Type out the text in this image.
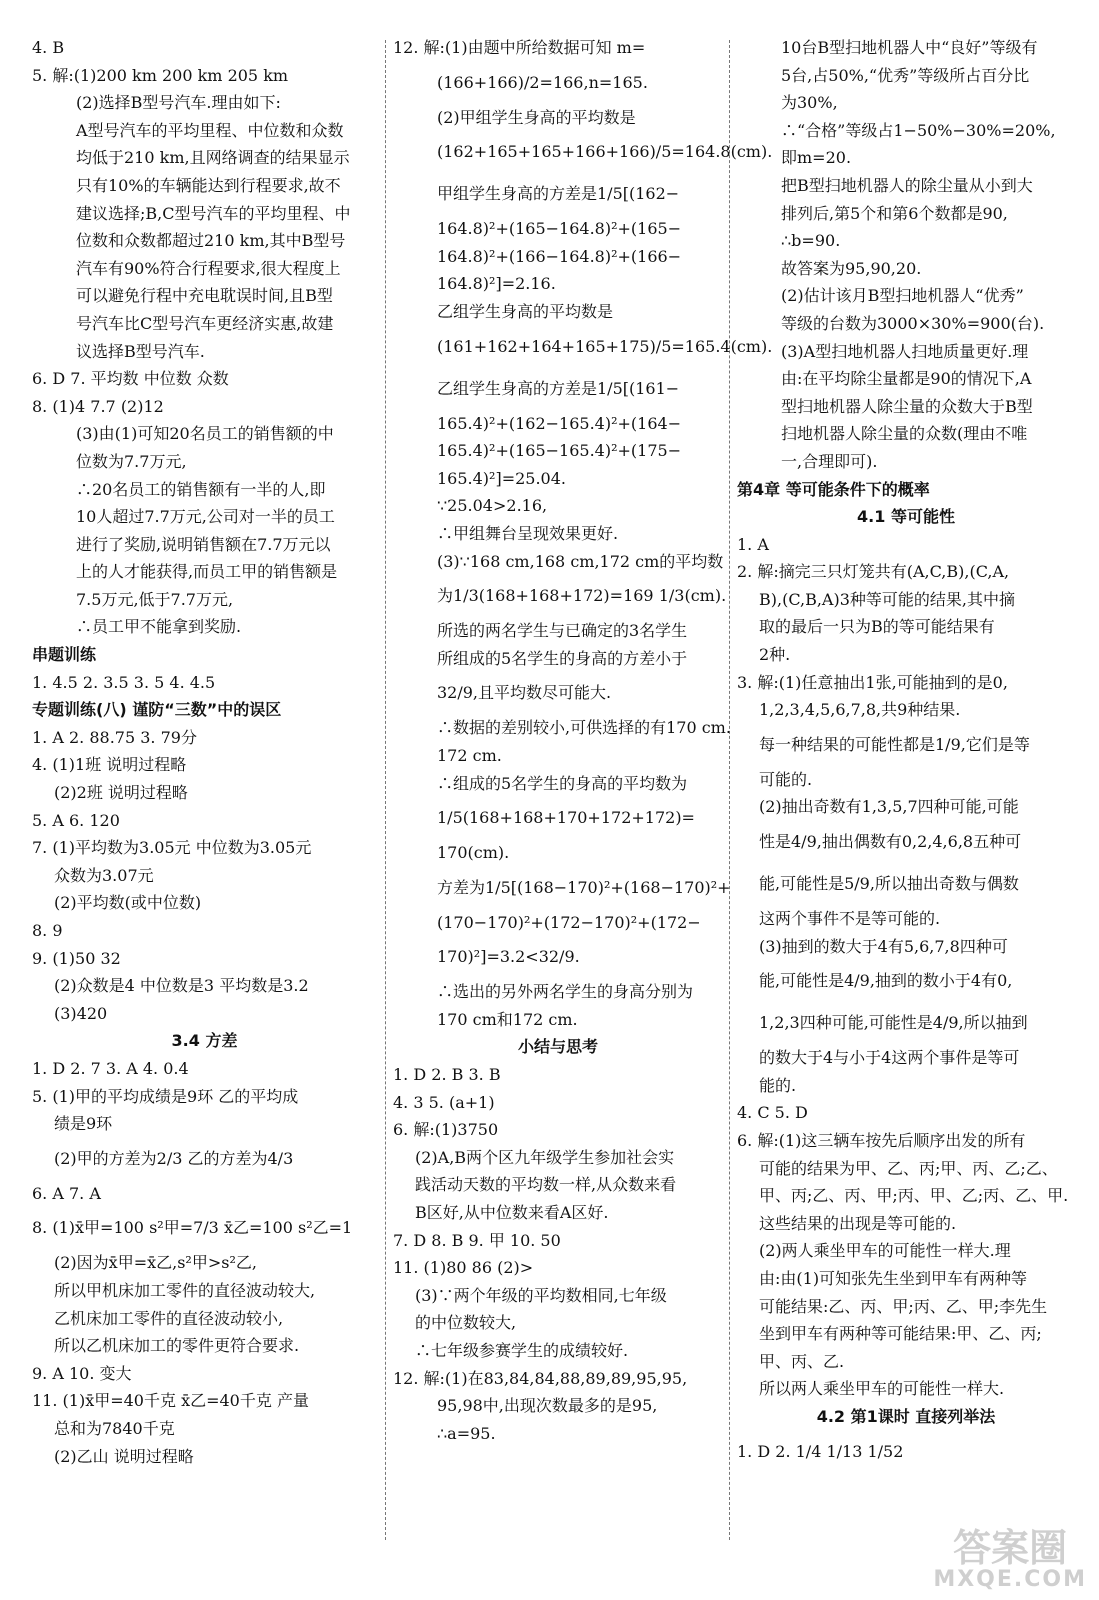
4. B
5. 解:(1)200 km 200 km 205 km
(2)选择B型号汽车.理由如下:
A型号汽车的平均里程、中位数和众数
均低于210 km,且网络调查的结果显示
只有10%的车辆能达到行程要求,故不
建议选择;B,C型号汽车的平均里程、中
位数和众数都超过210 km,其中B型号
汽车有90%符合行程要求,很大程度上
可以避免行程中充电耽误时间,且B型
号汽车比C型号汽车更经济实惠,故建
议选择B型号汽车.
6. D 7. 平均数 中位数 众数
8. (1)4 7.7 (2)12
(3)由(1)可知20名员工的销售额的中
位数为7.7万元,
∴20名员工的销售额有一半的人,即
10人超过7.7万元,公司对一半的员工
进行了奖励,说明销售额在7.7万元以
上的人才能获得,而员工甲的销售额是
7.5万元,低于7.7万元,
∴员工甲不能拿到奖励.
串题训练
1. 4.5 2. 3.5 3. 5 4. 4.5
专题训练(八) 谨防“三数”中的误区
1. A 2. 88.75 3. 79分
4. (1)1班 说明过程略
(2)2班 说明过程略
5. A 6. 120
7. (1)平均数为3.05元 中位数为3.05元
众数为3.07元
(2)平均数(或中位数)
8. 9
9. (1)50 32
(2)众数是4 中位数是3 平均数是3.2
(3)420
3.4 方差
1. D 2. 7 3. A 4. 0.4
5. (1)甲的平均成绩是9环 乙的平均成
绩是9环
(2)甲的方差为2/3 乙的方差为4/3
6. A 7. A
8. (1)x̄甲=100 s²甲=7/3 x̄乙=100 s²乙=1
(2)因为x̄甲=x̄乙,s²甲>s²乙,
所以甲机床加工零件的直径波动较大,
乙机床加工零件的直径波动较小,
所以乙机床加工的零件更符合要求.
9. A 10. 变大
11. (1)x̄甲=40千克 x̄乙=40千克 产量
总和为7840千克
(2)乙山 说明过程略
12. 解:(1)由题中所给数据可知 m=
(166+166)/2=166,n=165.
(2)甲组学生身高的平均数是
(162+165+165+166+166)/5=164.8(cm).
甲组学生身高的方差是1/5[(162−
164.8)²+(165−164.8)²+(165−
164.8)²+(166−164.8)²+(166−
164.8)²]=2.16.
乙组学生身高的平均数是
(161+162+164+165+175)/5=165.4(cm).
乙组学生身高的方差是1/5[(161−
165.4)²+(162−165.4)²+(164−
165.4)²+(165−165.4)²+(175−
165.4)²]=25.04.
∵25.04>2.16,
∴甲组舞台呈现效果更好.
(3)∵168 cm,168 cm,172 cm的平均数
为1/3(168+168+172)=169 1/3(cm).
所选的两名学生与已确定的3名学生
所组成的5名学生的身高的方差小于
32/9,且平均数尽可能大.
∴数据的差别较小,可供选择的有170 cm.
172 cm.
∴组成的5名学生的身高的平均数为
1/5(168+168+170+172+172)=
170(cm).
方差为1/5[(168−170)²+(168−170)²+
(170−170)²+(172−170)²+(172−
170)²]=3.2<32/9.
∴选出的另外两名学生的身高分别为
170 cm和172 cm.
小结与思考
1. D 2. B 3. B
4. 3 5. (a+1)
6. 解:(1)3750
(2)A,B两个区九年级学生参加社会实
践活动天数的平均数一样,从众数来看
B区好,从中位数来看A区好.
7. D 8. B 9. 甲 10. 50
11. (1)80 86 (2)>
(3)∵两个年级的平均数相同,七年级
的中位数较大,
∴七年级参赛学生的成绩较好.
12. 解:(1)在83,84,84,88,89,89,95,95,
95,98中,出现次数最多的是95,
∴a=95.
10台B型扫地机器人中“良好”等级有
5台,占50%,“优秀”等级所占百分比
为30%,
∴“合格”等级占1−50%−30%=20%,
即m=20.
把B型扫地机器人的除尘量从小到大
排列后,第5个和第6个数都是90,
∴b=90.
故答案为95,90,20.
(2)估计该月B型扫地机器人“优秀”
等级的台数为3000×30%=900(台).
(3)A型扫地机器人扫地质量更好.理
由:在平均除尘量都是90的情况下,A
型扫地机器人除尘量的众数大于B型
扫地机器人除尘量的众数(理由不唯
一,合理即可).
第4章 等可能条件下的概率
4.1 等可能性
1. A
2. 解:摘完三只灯笼共有(A,C,B),(C,A,
B),(C,B,A)3种等可能的结果,其中摘
取的最后一只为B的等可能结果有
2种.
3. 解:(1)任意抽出1张,可能抽到的是0,
1,2,3,4,5,6,7,8,共9种结果.
每一种结果的可能性都是1/9,它们是等
可能的.
(2)抽出奇数有1,3,5,7四种可能,可能
性是4/9,抽出偶数有0,2,4,6,8五种可
能,可能性是5/9,所以抽出奇数与偶数
这两个事件不是等可能的.
(3)抽到的数大于4有5,6,7,8四种可
能,可能性是4/9,抽到的数小于4有0,
1,2,3四种可能,可能性是4/9,所以抽到
的数大于4与小于4这两个事件是等可
能的.
4. C 5. D
6. 解:(1)这三辆车按先后顺序出发的所有
可能的结果为甲、乙、丙;甲、丙、乙;乙、
甲、丙;乙、丙、甲;丙、甲、乙;丙、乙、甲.
这些结果的出现是等可能的.
(2)两人乘坐甲车的可能性一样大.理
由:由(1)可知张先生坐到甲车有两种等
可能结果:乙、丙、甲;丙、乙、甲;李先生
坐到甲车有两种等可能结果:甲、乙、丙;
甲、丙、乙.
所以两人乘坐甲车的可能性一样大.
4.2 第1课时 直接列举法
1. D 2. 1/4 1/13 1/52
答案圈
MXQE.COM
